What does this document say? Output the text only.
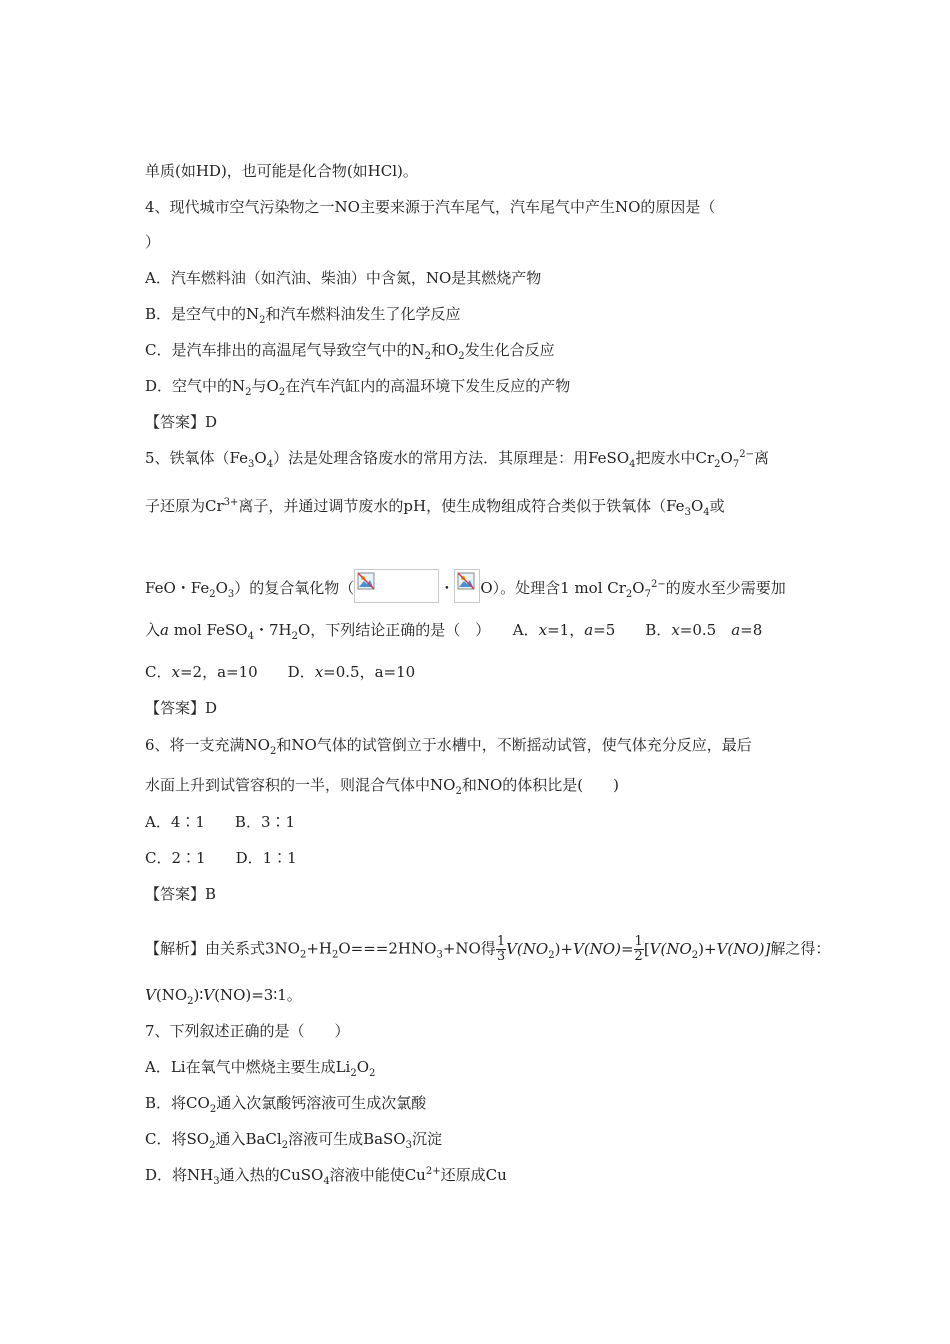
单质(如HD)，也可能是化合物(如HCl)。
4、现代城市空气污染物之一NO主要来源于汽车尾气，汽车尾气中产生NO的原因是（
）
A．汽车燃料油（如汽油、柴油）中含氮，NO是其燃烧产物
B．是空气中的$N_2$和汽车燃料油发生了化学反应
C．是汽车排出的高温尾气导致空气中的$N_2$和$O_2$发生化合反应
D．空气中的$N_2$与$O_2$在汽车汽缸内的高温环境下发生反应的产物
【答案】D
5、铁氧体$(Fe_3O_4)$法是处理含铬废水的常用方法．其原理是：用FeSO$_4$把废水中$Cr_2O_7^{2-}$离
子还原为$Cr^{3+}$离子，并通过调节废水的pH，使生成物组成符合类似于铁氧体（$Fe_3O_4$或
FeO・$Fe_2O_3$）的复合氧化物（	・ O）。处理含1 mol $Cr_2O_7^{2-}$的废水至少需要加
入a mol FeSO$_4$・$7H_2O$，下列结论正确的是（　）　　A．x=1，a=5　　B．x=0.5　a=8
C．x=2，a=10　　D．x=0.5，a=10
【答案】D
6、将一支充满$NO_2$和NO气体的试管倒立于水槽中，不断摇动试管，使气体充分反应，最后
水面上升到试管容积的一半，则混合气体中$NO_2$和NO的体积比是(　　)
A．4∶1　　B．3∶1
C．2∶1　　D．1∶1
【答案】B
【解析】由关系式$3NO_2+H_2O===2HNO_3+NO$得 $\frac{1}{3} V(NO_2)+V(NO)= \frac{1}{2} [V(NO_2)+V(NO)]$解之得：
$V(NO_2)∶V(NO)=3∶1$。
7、下列叙述正确的是（　　）
A．Li在氧气中燃烧主要生成$Li_2O_2$
B．将$CO_2$通入次氯酸钙溶液可生成次氯酸
C．将$SO_2$通入BaCl$_2$溶液可生成BaSO$_3$沉淀
D．将$NH_3$通入热的CuSO$_4$溶液中能使$Cu^{2+}$还原成Cu
